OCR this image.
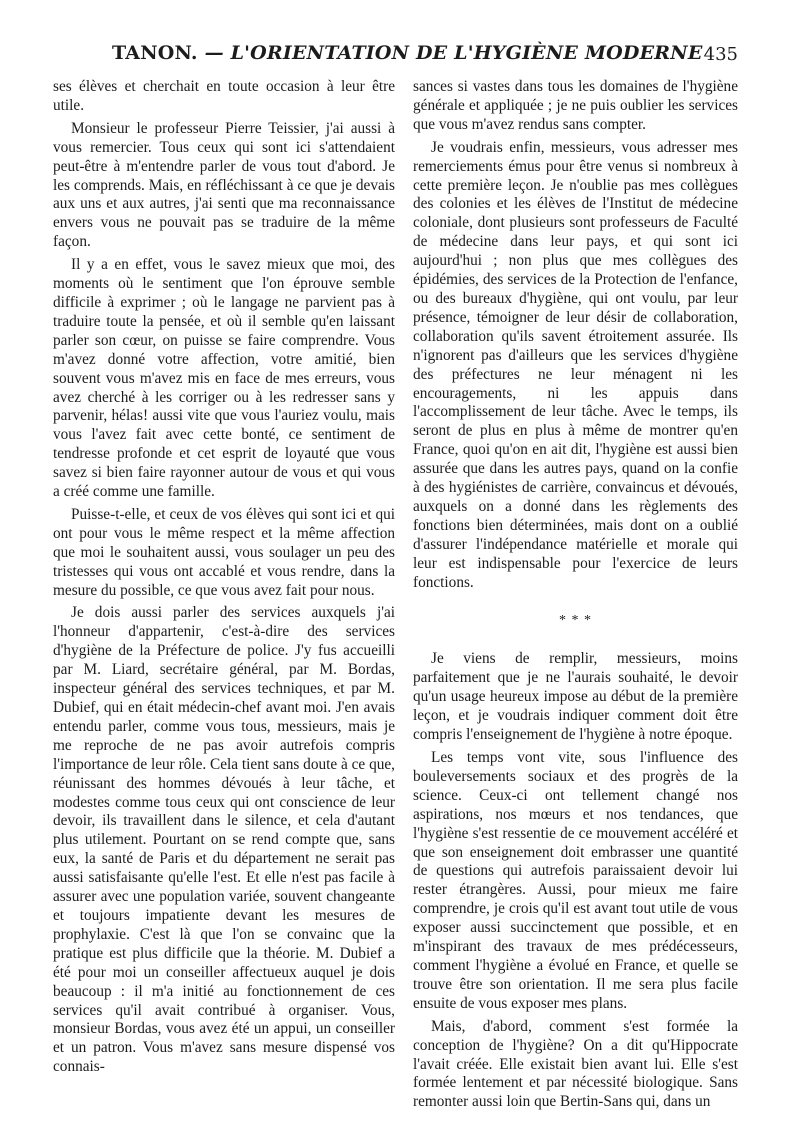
TANON. — L'ORIENTATION DE L'HYGIÈNE MODERNE 435

ses élèves et cherchait en toute occasion à leur être utile.

Monsieur le professeur Pierre Teissier, j'ai aussi à vous remercier. Tous ceux qui sont ici s'attendaient peut-être à m'entendre parler de vous tout d'abord. Je les comprends. Mais, en réfléchissant à ce que je devais aux uns et aux autres, j'ai senti que ma reconnaissance envers vous ne pouvait pas se traduire de la même façon.

Il y a en effet, vous le savez mieux que moi, des moments où le sentiment que l'on éprouve semble difficile à exprimer ; où le langage ne parvient pas à traduire toute la pensée, et où il semble qu'en laissant parler son cœur, on puisse se faire comprendre. Vous m'avez donné votre affection, votre amitié, bien souvent vous m'avez mis en face de mes erreurs, vous avez cherché à les corriger ou à les redresser sans y parvenir, hélas! aussi vite que vous l'auriez voulu, mais vous l'avez fait avec cette bonté, ce sentiment de tendresse profonde et cet esprit de loyauté que vous savez si bien faire rayonner autour de vous et qui vous a créé comme une famille.

Puisse-t-elle, et ceux de vos élèves qui sont ici et qui ont pour vous le même respect et la même affection que moi le souhaitent aussi, vous soulager un peu des tristesses qui vous ont accablé et vous rendre, dans la mesure du possible, ce que vous avez fait pour nous.

Je dois aussi parler des services auxquels j'ai l'honneur d'appartenir, c'est-à-dire des services d'hygiène de la Préfecture de police. J'y fus accueilli par M. Liard, secrétaire général, par M. Bordas, inspecteur général des services techniques, et par M. Dubief, qui en était médecin-chef avant moi. J'en avais entendu parler, comme vous tous, messieurs, mais je me reproche de ne pas avoir autrefois compris l'importance de leur rôle. Cela tient sans doute à ce que, réunissant des hommes dévoués à leur tâche, et modestes comme tous ceux qui ont conscience de leur devoir, ils travaillent dans le silence, et cela d'autant plus utilement. Pourtant on se rend compte que, sans eux, la santé de Paris et du département ne serait pas aussi satisfaisante qu'elle l'est. Et elle n'est pas facile à assurer avec une population variée, souvent changeante et toujours impatiente devant les mesures de prophylaxie. C'est là que l'on se convainc que la pratique est plus difficile que la théorie. M. Dubief a été pour moi un conseiller affectueux auquel je dois beaucoup : il m'a initié au fonctionnement de ces services qu'il avait contribué à organiser. Vous, monsieur Bordas, vous avez été un appui, un conseiller et un patron. Vous m'avez sans mesure dispensé vos connais-

sances si vastes dans tous les domaines de l'hygiène générale et appliquée ; je ne puis oublier les services que vous m'avez rendus sans compter.

Je voudrais enfin, messieurs, vous adresser mes remerciements émus pour être venus si nombreux à cette première leçon. Je n'oublie pas mes collègues des colonies et les élèves de l'Institut de médecine coloniale, dont plusieurs sont professeurs de Faculté de médecine dans leur pays, et qui sont ici aujourd'hui ; non plus que mes collègues des épidémies, des services de la Protection de l'enfance, ou des bureaux d'hygiène, qui ont voulu, par leur présence, témoigner de leur désir de collaboration, collaboration qu'ils savent étroitement assurée. Ils n'ignorent pas d'ailleurs que les services d'hygiène des préfectures ne leur ménagent ni les encouragements, ni les appuis dans l'accomplissement de leur tâche. Avec le temps, ils seront de plus en plus à même de montrer qu'en France, quoi qu'on en ait dit, l'hygiène est aussi bien assurée que dans les autres pays, quand on la confie à des hygiénistes de carrière, convaincus et dévoués, auxquels on a donné dans les règlements des fonctions bien déterminées, mais dont on a oublié d'assurer l'indépendance matérielle et morale qui leur est indispensable pour l'exercice de leurs fonctions.

* * *

Je viens de remplir, messieurs, moins parfaitement que je ne l'aurais souhaité, le devoir qu'un usage heureux impose au début de la première leçon, et je voudrais indiquer comment doit être compris l'enseignement de l'hygiène à notre époque.

Les temps vont vite, sous l'influence des bouleversements sociaux et des progrès de la science. Ceux-ci ont tellement changé nos aspirations, nos mœurs et nos tendances, que l'hygiène s'est ressentie de ce mouvement accéléré et que son enseignement doit embrasser une quantité de questions qui autrefois paraissaient devoir lui rester étrangères. Aussi, pour mieux me faire comprendre, je crois qu'il est avant tout utile de vous exposer aussi succinctement que possible, et en m'inspirant des travaux de mes prédécesseurs, comment l'hygiène a évolué en France, et quelle se trouve être son orientation. Il me sera plus facile ensuite de vous exposer mes plans.

Mais, d'abord, comment s'est formée la conception de l'hygiène? On a dit qu'Hippocrate l'avait créée. Elle existait bien avant lui. Elle s'est formée lentement et par nécessité biologique. Sans remonter aussi loin que Bertin-Sans qui, dans un
